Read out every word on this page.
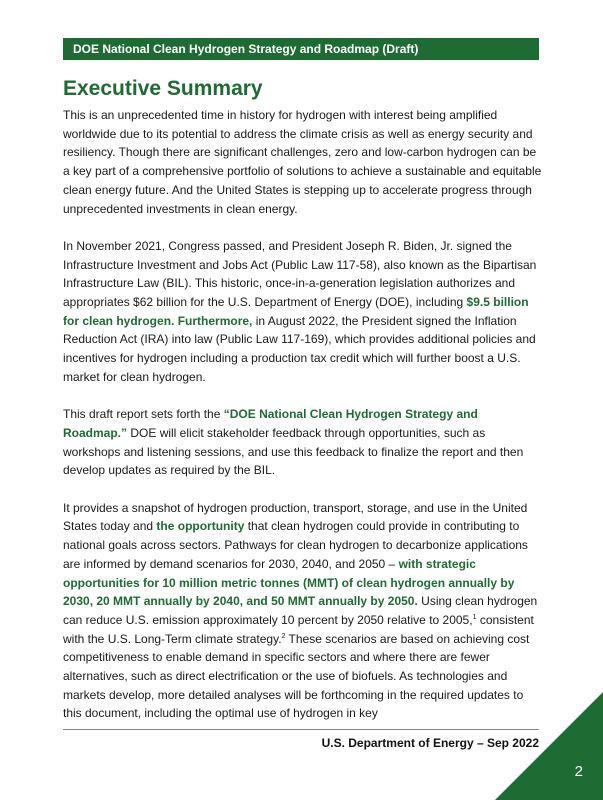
DOE National Clean Hydrogen Strategy and Roadmap (Draft)
Executive Summary

This is an unprecedented time in history for hydrogen with interest being amplified worldwide due to its potential to address the climate crisis as well as energy security and resiliency. Though there are significant challenges, zero and low-carbon hydrogen can be a key part of a comprehensive portfolio of solutions to achieve a sustainable and equitable clean energy future. And the United States is stepping up to accelerate progress through unprecedented investments in clean energy.

In November 2021, Congress passed, and President Joseph R. Biden, Jr. signed the Infrastructure Investment and Jobs Act (Public Law 117-58), also known as the Bipartisan Infrastructure Law (BIL). This historic, once-in-a-generation legislation authorizes and appropriates $62 billion for the U.S. Department of Energy (DOE), including $9.5 billion for clean hydrogen. Furthermore, in August 2022, the President signed the Inflation Reduction Act (IRA) into law (Public Law 117-169), which provides additional policies and incentives for hydrogen including a production tax credit which will further boost a U.S. market for clean hydrogen.

This draft report sets forth the “DOE National Clean Hydrogen Strategy and Roadmap.” DOE will elicit stakeholder feedback through opportunities, such as workshops and listening sessions, and use this feedback to finalize the report and then develop updates as required by the BIL.

It provides a snapshot of hydrogen production, transport, storage, and use in the United States today and the opportunity that clean hydrogen could provide in contributing to national goals across sectors. Pathways for clean hydrogen to decarbonize applications are informed by demand scenarios for 2030, 2040, and 2050 – with strategic opportunities for 10 million metric tonnes (MMT) of clean hydrogen annually by 2030, 20 MMT annually by 2040, and 50 MMT annually by 2050. Using clean hydrogen can reduce U.S. emission approximately 10 percent by 2050 relative to 2005,$^1$ consistent with the U.S. Long-Term climate strategy.$^2$ These scenarios are based on achieving cost competitiveness to enable demand in specific sectors and where there are fewer alternatives, such as direct electrification or the use of biofuels. As technologies and markets develop, more detailed analyses will be forthcoming in the required updates to this document, including the optimal use of hydrogen in key

U.S. Department of Energy – Sep 2022
2
